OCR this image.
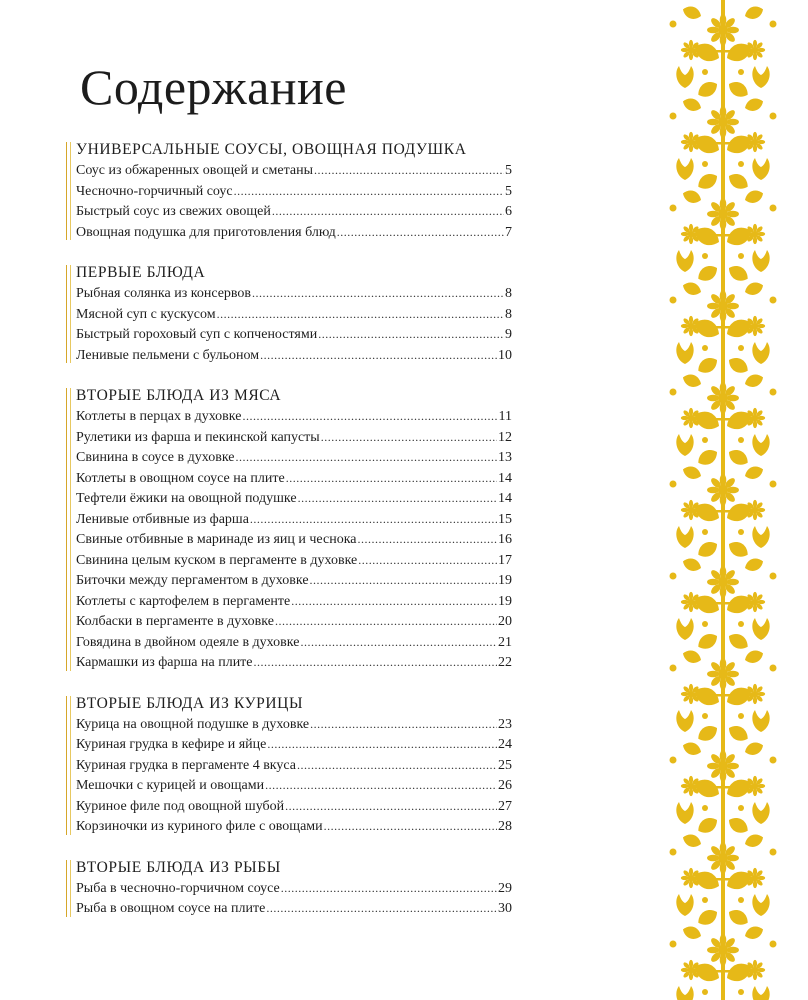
Содержание
УНИВЕРСАЛЬНЫЕ СОУСЫ, ОВОЩНАЯ ПОДУШКА
Соус из обжаренных овощей и сметаны .....	5
Чесночно-горчичный соус .....	5
Быстрый соус из свежих овощей .....	6
Овощная подушка для приготовления блюд .....	7
ПЕРВЫЕ БЛЮДА
Рыбная солянка из консервов .....	8
Мясной суп с кускусом .....	8
Быстрый гороховый суп с копченостями .....	9
Ленивые пельмени с бульоном .....	10
ВТОРЫЕ БЛЮДА ИЗ МЯСА
Котлеты в перцах в духовке .....	11
Рулетики из фарша и пекинской капусты .....	12
Свинина в соусе в духовке .....	13
Котлеты в овощном соусе на плите .....	14
Тефтели ёжики на овощной подушке .....	14
Ленивые отбивные из фарша .....	15
Свиные отбивные в маринаде из яиц и чеснока .....	16
Свинина целым куском в пергаменте в духовке .....	17
Биточки между пергаментом в духовке .....	19
Котлеты с картофелем в пергаменте .....	19
Колбаски в пергаменте в духовке .....	20
Говядина в двойном одеяле в духовке .....	21
Кармашки из фарша на плите .....	22
ВТОРЫЕ БЛЮДА ИЗ КУРИЦЫ
Курица на овощной подушке в духовке .....	23
Куриная грудка в кефире и яйце .....	24
Куриная грудка в пергаменте 4 вкуса .....	25
Мешочки с курицей и овощами .....	26
Куриное филе под овощной шубой .....	27
Корзиночки из куриного филе с овощами .....	28
ВТОРЫЕ БЛЮДА ИЗ РЫБЫ
Рыба в чесночно-горчичном соусе .....	29
Рыба в овощном соусе на плите .....	30
